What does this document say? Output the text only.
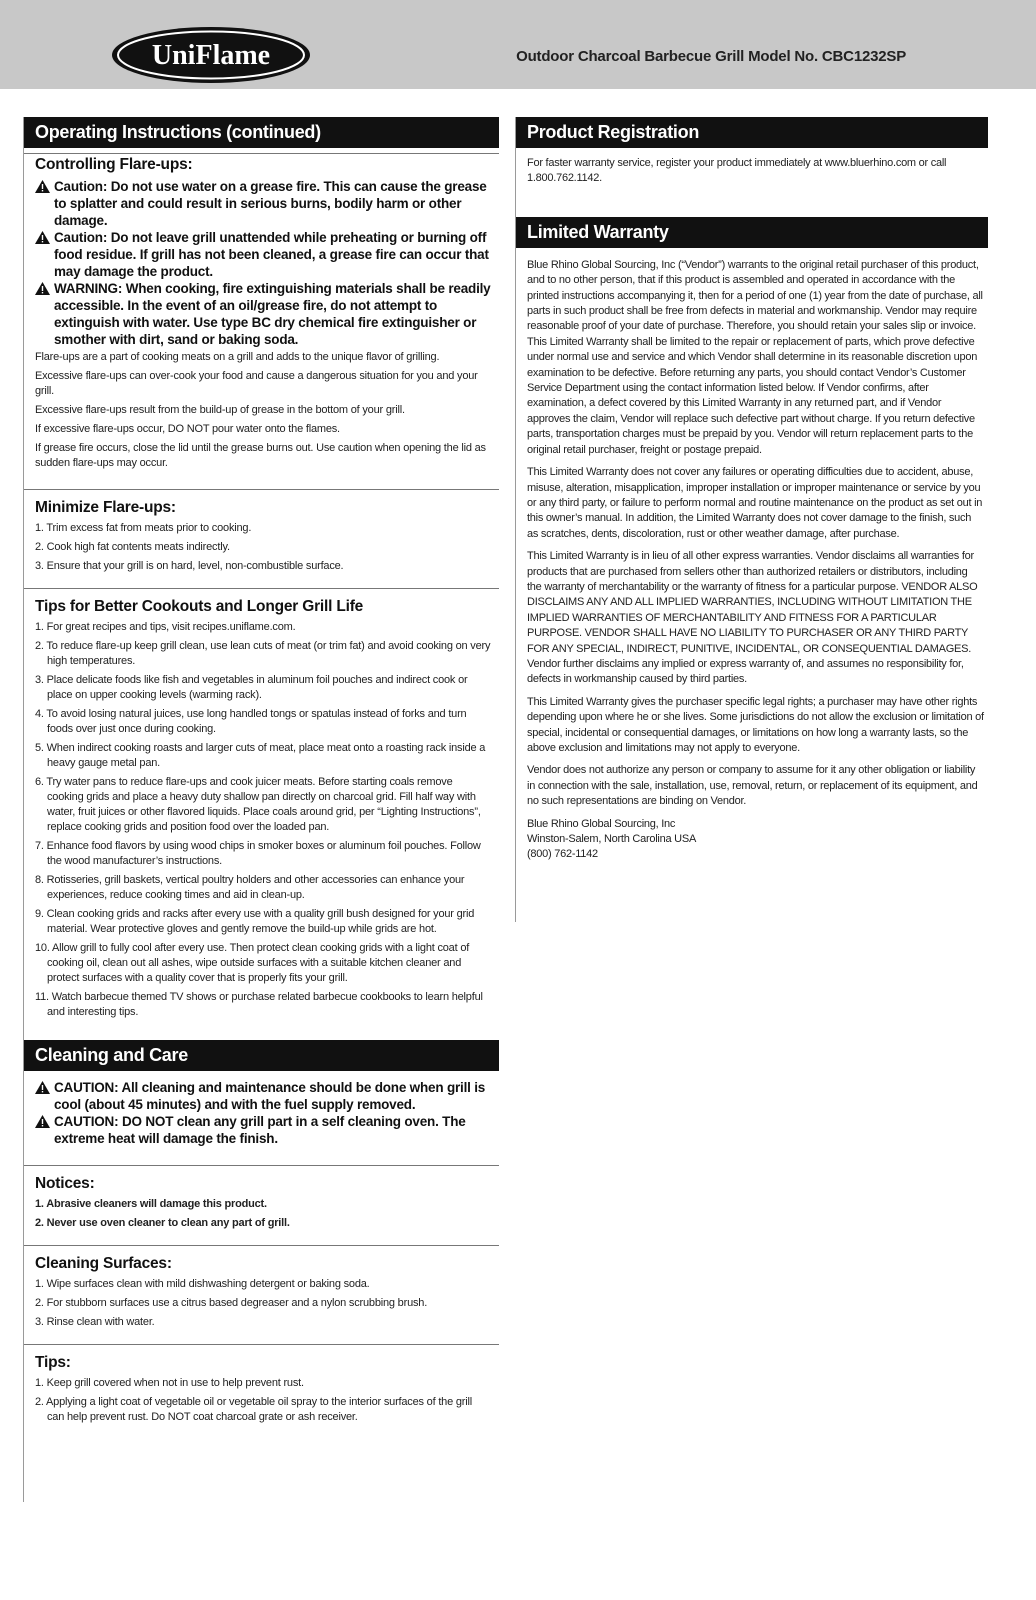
UniFlame	Outdoor Charcoal Barbecue Grill Model No. CBC1232SP
Operating Instructions (continued)
Controlling Flare-ups:
Caution: Do not use water on a grease fire. This can cause the grease to splatter and could result in serious burns, bodily harm or other damage.
Caution: Do not leave grill unattended while preheating or burning off food residue. If grill has not been cleaned, a grease fire can occur that may damage the product.
WARNING: When cooking, fire extinguishing materials shall be readily accessible. In the event of an oil/grease fire, do not attempt to extinguish with water. Use type BC dry chemical fire extinguisher or smother with dirt, sand or baking soda.

Flare-ups are a part of cooking meats on a grill and adds to the unique flavor of grilling.

Excessive flare-ups can over-cook your food and cause a dangerous situation for you and your grill.

Excessive flare-ups result from the build-up of grease in the bottom of your grill.

If excessive flare-ups occur, DO NOT pour water onto the flames.

If grease fire occurs, close the lid until the grease burns out. Use caution when opening the lid as sudden flare-ups may occur.

Minimize Flare-ups:
1. Trim excess fat from meats prior to cooking.
2. Cook high fat contents meats indirectly.
3. Ensure that your grill is on hard, level, non-combustible surface.
Tips for Better Cookouts and Longer Grill Life
1. For great recipes and tips, visit recipes.uniflame.com.
2. To reduce flare-up keep grill clean, use lean cuts of meat (or trim fat) and avoid cooking on very high temperatures.
3. Place delicate foods like fish and vegetables in aluminum foil pouches and indirect cook or place on upper cooking levels (warming rack).
4. To avoid losing natural juices, use long handled tongs or spatulas instead of forks and turn foods over just once during cooking.
5. When indirect cooking roasts and larger cuts of meat, place meat onto a roasting rack inside a heavy gauge metal pan.
6. Try water pans to reduce flare-ups and cook juicer meats. Before starting coals remove cooking grids and place a heavy duty shallow pan directly on charcoal grid. Fill half way with water, fruit juices or other flavored liquids. Place coals around grid, per “Lighting Instructions”, replace cooking grids and position food over the loaded pan.
7. Enhance food flavors by using wood chips in smoker boxes or aluminum foil pouches. Follow the wood manufacturer’s instructions.
8. Rotisseries, grill baskets, vertical poultry holders and other accessories can enhance your experiences, reduce cooking times and aid in clean-up.
9. Clean cooking grids and racks after every use with a quality grill bush designed for your grid material. Wear protective gloves and gently remove the build-up while grids are hot.
10. Allow grill to fully cool after every use. Then protect clean cooking grids with a light coat of cooking oil, clean out all ashes, wipe outside surfaces with a suitable kitchen cleaner and protect surfaces with a quality cover that is properly fits your grill.
11. Watch barbecue themed TV shows or purchase related barbecue cookbooks to learn helpful and interesting tips.
Cleaning and Care
CAUTION: All cleaning and maintenance should be done when grill is cool (about 45 minutes) and with the fuel supply removed.
CAUTION: DO NOT clean any grill part in a self cleaning oven. The extreme heat will damage the finish.
Notices:
1. Abrasive cleaners will damage this product.
2. Never use oven cleaner to clean any part of grill.
Cleaning Surfaces:
1. Wipe surfaces clean with mild dishwashing detergent or baking soda.
2. For stubborn surfaces use a citrus based degreaser and a nylon scrubbing brush.
3. Rinse clean with water.
Tips:
1. Keep grill covered when not in use to help prevent rust.
2. Applying a light coat of vegetable oil or vegetable oil spray to the interior surfaces of the grill can help prevent rust. Do NOT coat charcoal grate or ash receiver.
Product Registration

For faster warranty service, register your product immediately at www.bluerhino.com or call 1.800.762.1142.

Limited Warranty

Blue Rhino Global Sourcing, Inc (“Vendor”) warrants to the original retail purchaser of this product, and to no other person, that if this product is assembled and operated in accordance with the printed instructions accompanying it, then for a period of one (1) year from the date of purchase, all parts in such product shall be free from defects in material and workmanship. Vendor may require reasonable proof of your date of purchase. Therefore, you should retain your sales slip or invoice. This Limited Warranty shall be limited to the repair or replacement of parts, which prove defective under normal use and service and which Vendor shall determine in its reasonable discretion upon examination to be defective. Before returning any parts, you should contact Vendor’s Customer Service Department using the contact information listed below. If Vendor confirms, after examination, a defect covered by this Limited Warranty in any returned part, and if Vendor approves the claim, Vendor will replace such defective part without charge. If you return defective parts, transportation charges must be prepaid by you. Vendor will return replacement parts to the original retail purchaser, freight or postage prepaid.

This Limited Warranty does not cover any failures or operating difficulties due to accident, abuse, misuse, alteration, misapplication, improper installation or improper maintenance or service by you or any third party, or failure to perform normal and routine maintenance on the product as set out in this owner’s manual. In addition, the Limited Warranty does not cover damage to the finish, such as scratches, dents, discoloration, rust or other weather damage, after purchase.

This Limited Warranty is in lieu of all other express warranties. Vendor disclaims all warranties for products that are purchased from sellers other than authorized retailers or distributors, including the warranty of merchantability or the warranty of fitness for a particular purpose. VENDOR ALSO DISCLAIMS ANY AND ALL IMPLIED WARRANTIES, INCLUDING WITHOUT LIMITATION THE IMPLIED WARRANTIES OF MERCHANTABILITY AND FITNESS FOR A PARTICULAR PURPOSE. VENDOR SHALL HAVE NO LIABILITY TO PURCHASER OR ANY THIRD PARTY FOR ANY SPECIAL, INDIRECT, PUNITIVE, INCIDENTAL, OR CONSEQUENTIAL DAMAGES. Vendor further disclaims any implied or express warranty of, and assumes no responsibility for, defects in workmanship caused by third parties.

This Limited Warranty gives the purchaser specific legal rights; a purchaser may have other rights depending upon where he or she lives. Some jurisdictions do not allow the exclusion or limitation of special, incidental or consequential damages, or limitations on how long a warranty lasts, so the above exclusion and limitations may not apply to everyone.

Vendor does not authorize any person or company to assume for it any other obligation or liability in connection with the sale, installation, use, removal, return, or replacement of its equipment, and no such representations are binding on Vendor.

Blue Rhino Global Sourcing, Inc
Winston-Salem, North Carolina USA
(800) 762-1142
